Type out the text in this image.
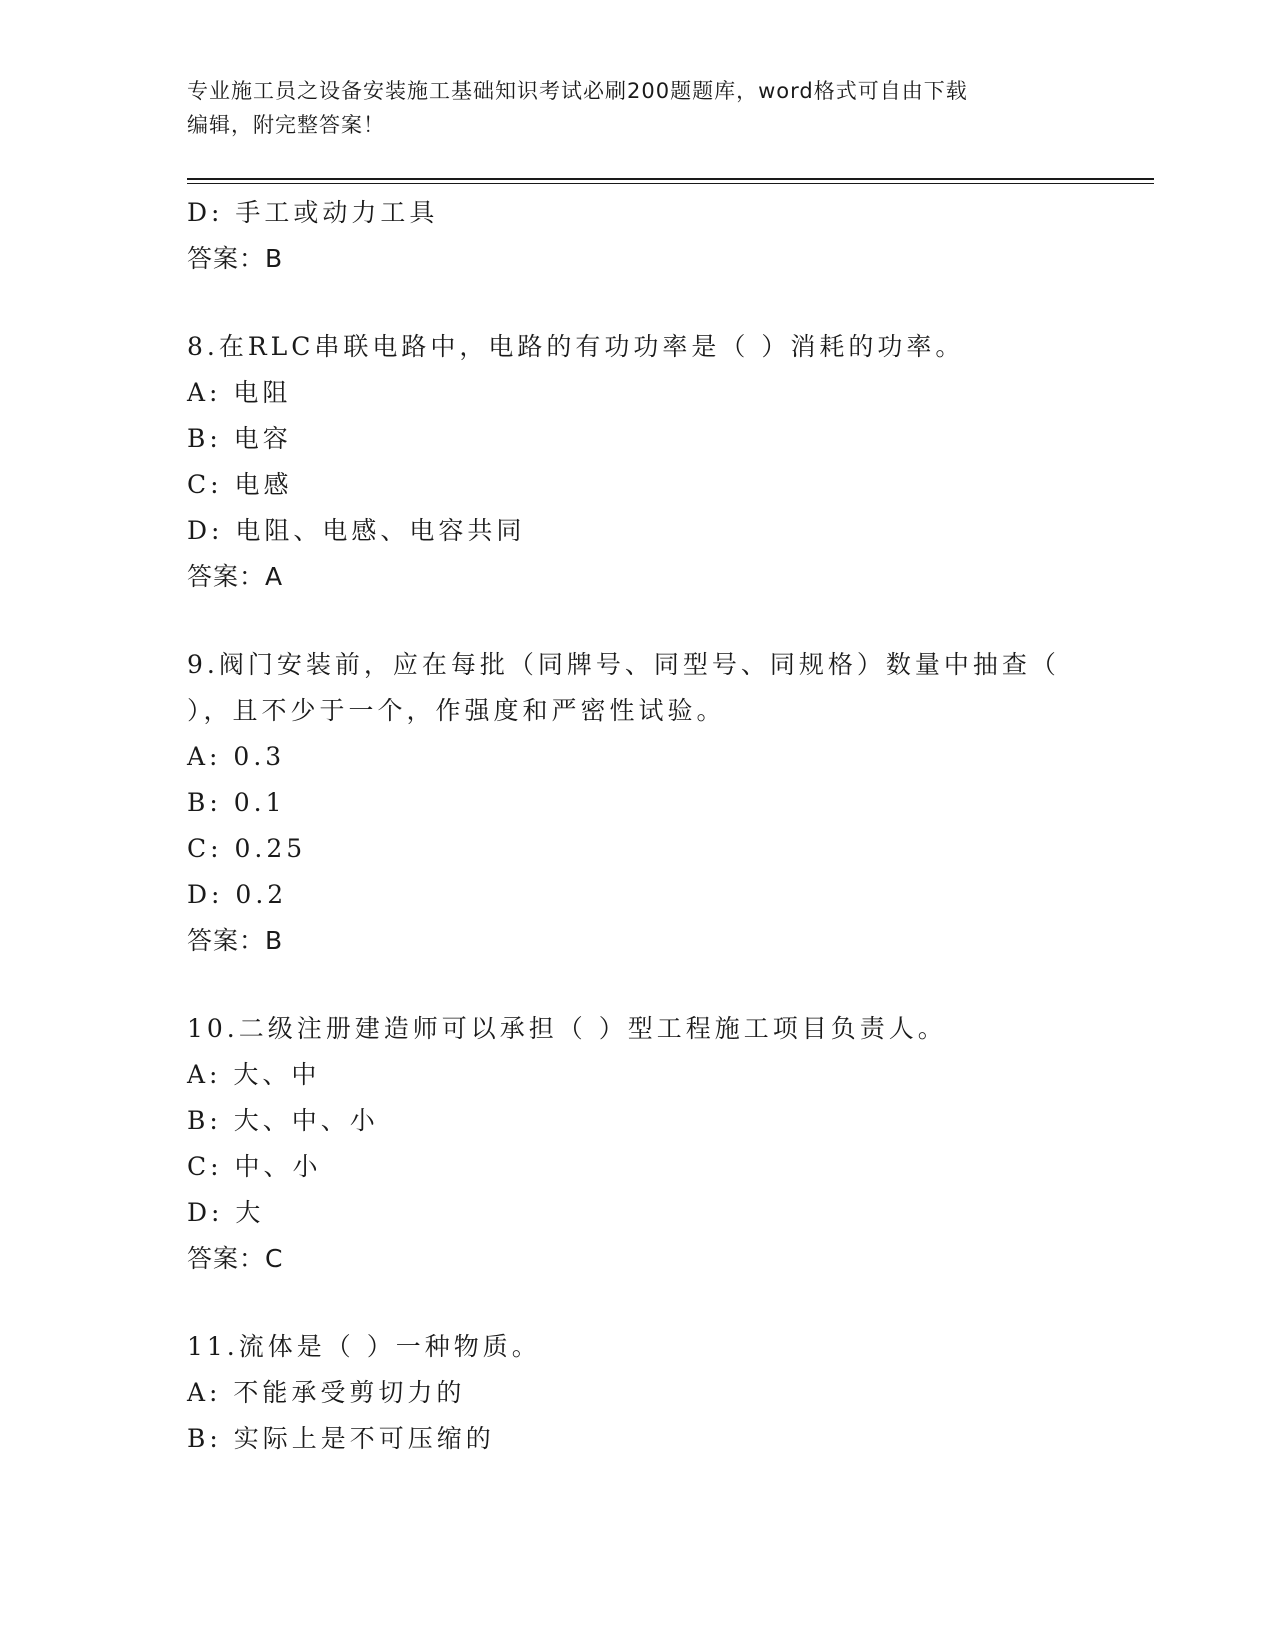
专业施工员之设备安装施工基础知识考试必刷200题题库，word格式可自由下载
编辑，附完整答案！
D: 手工或动力工具
答案：B
8.在RLC串联电路中，电路的有功功率是（ ）消耗的功率。
A: 电阻
B: 电容
C: 电感
D: 电阻、电感、电容共同
答案：A
9.阀门安装前，应在每批（同牌号、同型号、同规格）数量中抽查（
），且不少于一个，作强度和严密性试验。
A: 0.3
B: 0.1
C: 0.25
D: 0.2
答案：B
10.二级注册建造师可以承担（ ）型工程施工项目负责人。
A: 大、中
B: 大、中、小
C: 中、小
D: 大
答案：C
11.流体是（ ）一种物质。
A: 不能承受剪切力的
B: 实际上是不可压缩的
